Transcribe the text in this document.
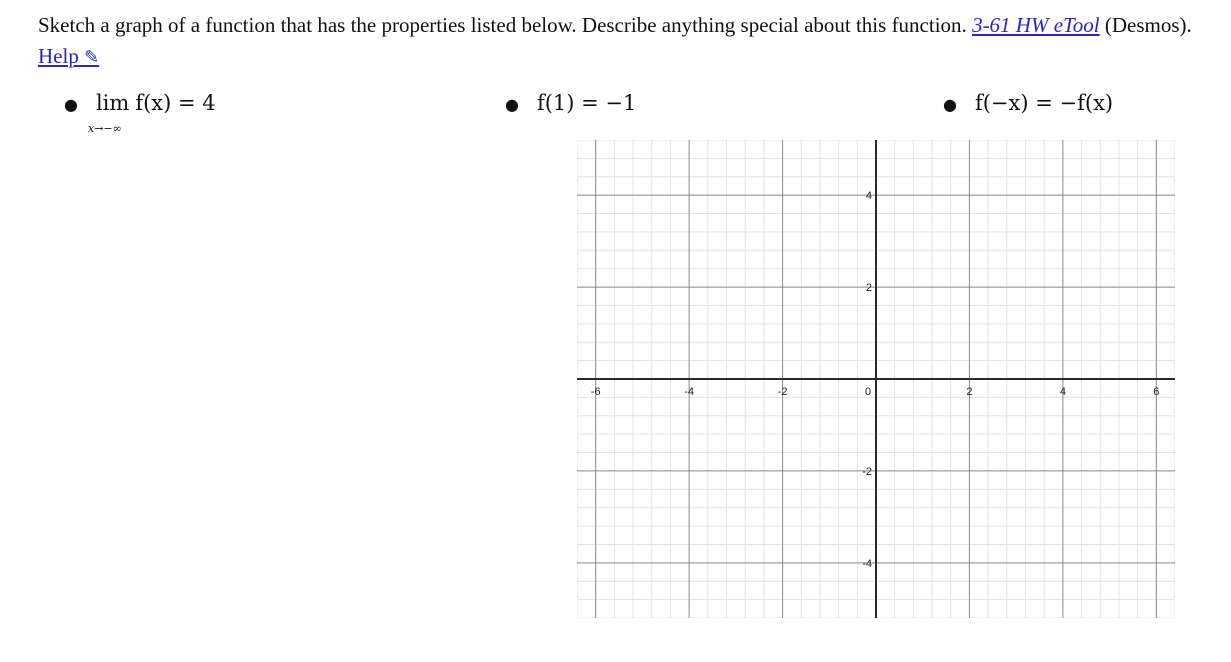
Sketch a graph of a function that has the properties listed below. Describe anything special about this function. 3-61 HW eTool (Desmos).
Help ✎
● lim
x→−∞
f(x) = 4	● f(1) = −1	● f(−x) = −f(x)
-6	-4	-2	0	2	4	6
4
2
-2
-4
